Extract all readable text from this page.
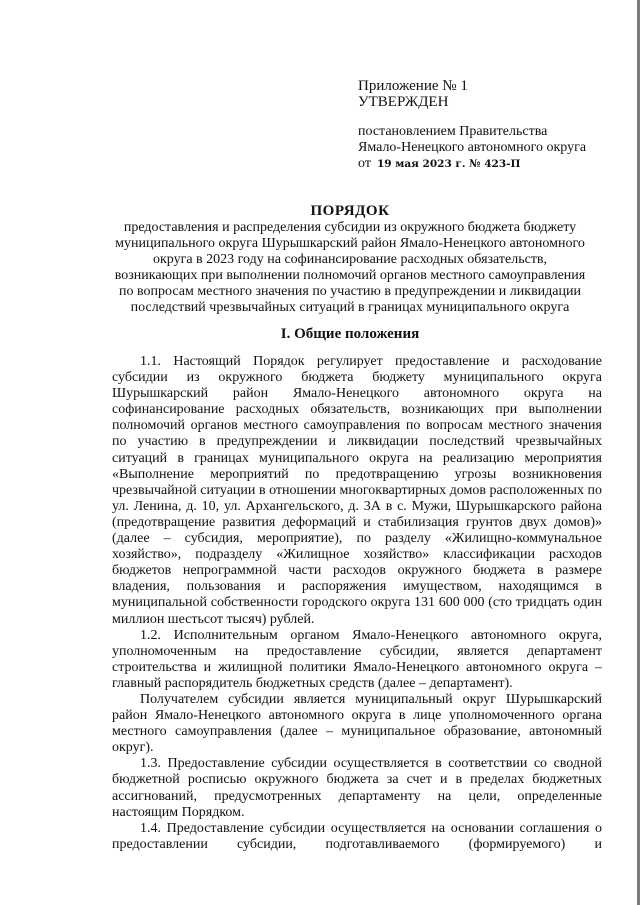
Приложение № 1
УТВЕРЖДЕН
постановлением Правительства
Ямало-Ненецкого автономного округа
от 19 мая 2023 г. № 423-П
ПОРЯДОК
предоставления и распределения субсидии из окружного бюджета бюджету
муниципального округа Шурышкарский район Ямало-Ненецкого автономного
округа в 2023 году на софинансирование расходных обязательств,
возникающих при выполнении полномочий органов местного самоуправления
по вопросам местного значения по участию в предупреждении и ликвидации
последствий чрезвычайных ситуаций в границах муниципального округа
I. Общие положения

1.1. Настоящий Порядок регулирует предоставление и расходование субсидии из окружного бюджета бюджету муниципального округа Шурышкарский район Ямало-Ненецкого автономного округа на софинансирование расходных обязательств, возникающих при выполнении полномочий органов местного самоуправления по вопросам местного значения по участию в предупреждении и ликвидации последствий чрезвычайных ситуаций в границах муниципального округа на реализацию мероприятия «Выполнение мероприятий по предотвращению угрозы возникновения чрезвычайной ситуации в отношении многоквартирных домов расположенных по ул. Ленина, д. 10, ул. Архангельского, д. 3А в с. Мужи, Шурышкарского района (предотвращение развития деформаций и стабилизация грунтов двух домов)» (далее – субсидия, мероприятие), по разделу «Жилищно-коммунальное хозяйство», подразделу «Жилищное хозяйство» классификации расходов бюджетов непрограммной части расходов окружного бюджета в размере владения, пользования и распоряжения имуществом, находящимся в муниципальной собственности городского округа 131 600 000 (сто тридцать один миллион шестьсот тысяч) рублей.

1.2. Исполнительным органом Ямало-Ненецкого автономного округа, уполномоченным на предоставление субсидии, является департамент строительства и жилищной политики Ямало-Ненецкого автономного округа – главный распорядитель бюджетных средств (далее – департамент).

Получателем субсидии является муниципальный округ Шурышкарский район Ямало-Ненецкого автономного округа в лице уполномоченного органа местного самоуправления (далее – муниципальное образование, автономный округ).

1.3. Предоставление субсидии осуществляется в соответствии со сводной бюджетной росписью окружного бюджета за счет и в пределах бюджетных ассигнований, предусмотренных департаменту на цели, определенные настоящим Порядком.

1.4. Предоставление субсидии осуществляется на основании соглашения о предоставлении субсидии, подготавливаемого (формируемого) и
